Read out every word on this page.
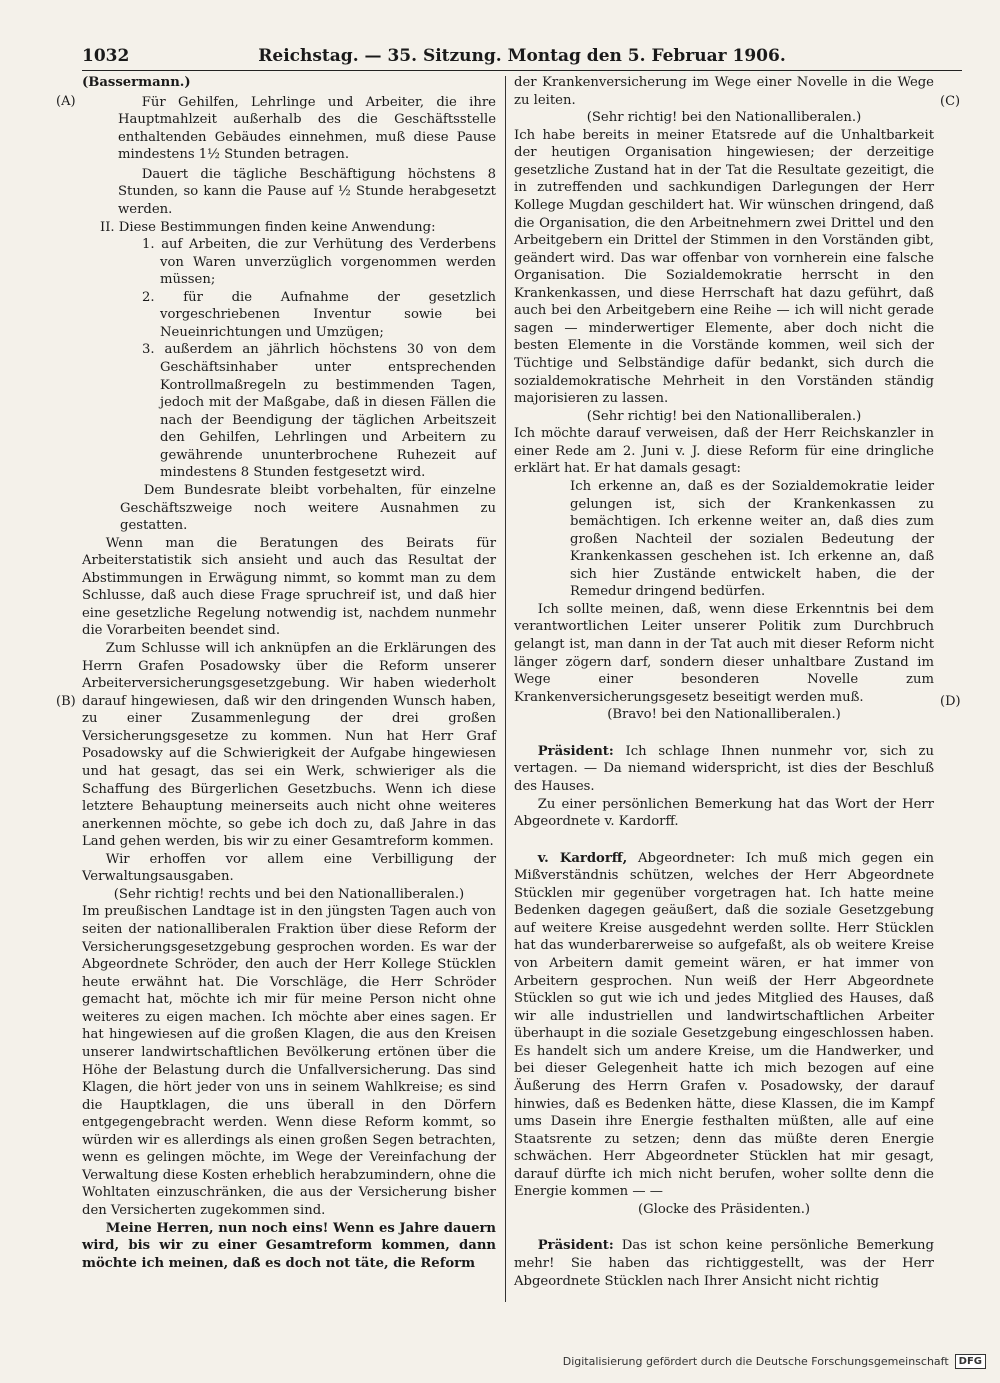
1032	Reichstag. — 35. Sitzung. Montag den 5. Februar 1906.
(A)
(B)
(C)
(D)

(Bassermann.)

Für Gehilfen, Lehrlinge und Arbeiter, die ihre Hauptmahlzeit außerhalb des die Geschäftsstelle enthaltenden Gebäudes einnehmen, muß diese Pause mindestens 1½ Stunden betragen.

Dauert die tägliche Beschäftigung höchstens 8 Stunden, so kann die Pause auf ½ Stunde herabgesetzt werden.

II. Diese Bestimmungen finden keine Anwendung:

1. auf Arbeiten, die zur Verhütung des Verderbens von Waren unverzüglich vorgenommen werden müssen;

2. für die Aufnahme der gesetzlich vorgeschriebenen Inventur sowie bei Neueinrichtungen und Umzügen;

3. außerdem an jährlich höchstens 30 von dem Geschäftsinhaber unter entsprechenden Kontrollmaßregeln zu bestimmenden Tagen, jedoch mit der Maßgabe, daß in diesen Fällen die nach der Beendigung der täglichen Arbeitszeit den Gehilfen, Lehrlingen und Arbeitern zu gewährende ununterbrochene Ruhezeit auf mindestens 8 Stunden festgesetzt wird.

Dem Bundesrate bleibt vorbehalten, für einzelne Geschäftszweige noch weitere Ausnahmen zu gestatten.

Wenn man die Beratungen des Beirats für Arbeiterstatistik sich ansieht und auch das Resultat der Abstimmungen in Erwägung nimmt, so kommt man zu dem Schlusse, daß auch diese Frage spruchreif ist, und daß hier eine gesetzliche Regelung notwendig ist, nachdem nunmehr die Vorarbeiten beendet sind.

Zum Schlusse will ich anknüpfen an die Erklärungen des Herrn Grafen Posadowsky über die Reform unserer Arbeiterversicherungsgesetzgebung. Wir haben wiederholt darauf hingewiesen, daß wir den dringenden Wunsch haben, zu einer Zusammenlegung der drei großen Versicherungsgesetze zu kommen. Nun hat Herr Graf Posadowsky auf die Schwierigkeit der Aufgabe hingewiesen und hat gesagt, das sei ein Werk, schwieriger als die Schaffung des Bürgerlichen Gesetzbuchs. Wenn ich diese letztere Behauptung meinerseits auch nicht ohne weiteres anerkennen möchte, so gebe ich doch zu, daß Jahre in das Land gehen werden, bis wir zu einer Gesamtreform kommen.

Wir erhoffen vor allem eine Verbilligung der Verwaltungsausgaben.

(Sehr richtig! rechts und bei den Nationalliberalen.)

Im preußischen Landtage ist in den jüngsten Tagen auch von seiten der nationalliberalen Fraktion über diese Reform der Versicherungsgesetzgebung gesprochen worden. Es war der Abgeordnete Schröder, den auch der Herr Kollege Stücklen heute erwähnt hat. Die Vorschläge, die Herr Schröder gemacht hat, möchte ich mir für meine Person nicht ohne weiteres zu eigen machen. Ich möchte aber eines sagen. Er hat hingewiesen auf die großen Klagen, die aus den Kreisen unserer landwirtschaftlichen Bevölkerung ertönen über die Höhe der Belastung durch die Unfallversicherung. Das sind Klagen, die hört jeder von uns in seinem Wahlkreise; es sind die Hauptklagen, die uns überall in den Dörfern entgegengebracht werden. Wenn diese Reform kommt, so würden wir es allerdings als einen großen Segen betrachten, wenn es gelingen möchte, im Wege der Vereinfachung der Verwaltung diese Kosten erheblich herabzumindern, ohne die Wohltaten einzuschränken, die aus der Versicherung bisher den Versicherten zugekommen sind.

Meine Herren, nun noch eins! Wenn es Jahre dauern wird, bis wir zu einer Gesamtreform kommen, dann möchte ich meinen, daß es doch not täte, die Reform

der Krankenversicherung im Wege einer Novelle in die Wege zu leiten.

(Sehr richtig! bei den Nationalliberalen.)

Ich habe bereits in meiner Etatsrede auf die Unhaltbarkeit der heutigen Organisation hingewiesen; der derzeitige gesetzliche Zustand hat in der Tat die Resultate gezeitigt, die in zutreffenden und sachkundigen Darlegungen der Herr Kollege Mugdan geschildert hat. Wir wünschen dringend, daß die Organisation, die den Arbeitnehmern zwei Drittel und den Arbeitgebern ein Drittel der Stimmen in den Vorständen gibt, geändert wird. Das war offenbar von vornherein eine falsche Organisation. Die Sozialdemokratie herrscht in den Krankenkassen, und diese Herrschaft hat dazu geführt, daß auch bei den Arbeitgebern eine Reihe — ich will nicht gerade sagen — minderwertiger Elemente, aber doch nicht die besten Elemente in die Vorstände kommen, weil sich der Tüchtige und Selbständige dafür bedankt, sich durch die sozialdemokratische Mehrheit in den Vorständen ständig majorisieren zu lassen.

(Sehr richtig! bei den Nationalliberalen.)

Ich möchte darauf verweisen, daß der Herr Reichskanzler in einer Rede am 2. Juni v. J. diese Reform für eine dringliche erklärt hat. Er hat damals gesagt:

Ich erkenne an, daß es der Sozialdemokratie leider gelungen ist, sich der Krankenkassen zu bemächtigen. Ich erkenne weiter an, daß dies zum großen Nachteil der sozialen Bedeutung der Krankenkassen geschehen ist. Ich erkenne an, daß sich hier Zustände entwickelt haben, die der Remedur dringend bedürfen.

Ich sollte meinen, daß, wenn diese Erkenntnis bei dem verantwortlichen Leiter unserer Politik zum Durchbruch gelangt ist, man dann in der Tat auch mit dieser Reform nicht länger zögern darf, sondern dieser unhaltbare Zustand im Wege einer besonderen Novelle zum Krankenversicherungsgesetz beseitigt werden muß.

(Bravo! bei den Nationalliberalen.)

Präsident: Ich schlage Ihnen nunmehr vor, sich zu vertagen. — Da niemand widerspricht, ist dies der Beschluß des Hauses.

Zu einer persönlichen Bemerkung hat das Wort der Herr Abgeordnete v. Kardorff.

v. Kardorff, Abgeordneter: Ich muß mich gegen ein Mißverständnis schützen, welches der Herr Abgeordnete Stücklen mir gegenüber vorgetragen hat. Ich hatte meine Bedenken dagegen geäußert, daß die soziale Gesetzgebung auf weitere Kreise ausgedehnt werden sollte. Herr Stücklen hat das wunderbarerweise so aufgefaßt, als ob weitere Kreise von Arbeitern damit gemeint wären, er hat immer von Arbeitern gesprochen. Nun weiß der Herr Abgeordnete Stücklen so gut wie ich und jedes Mitglied des Hauses, daß wir alle industriellen und landwirtschaftlichen Arbeiter überhaupt in die soziale Gesetzgebung eingeschlossen haben. Es handelt sich um andere Kreise, um die Handwerker, und bei dieser Gelegenheit hatte ich mich bezogen auf eine Äußerung des Herrn Grafen v. Posadowsky, der darauf hinwies, daß es Bedenken hätte, diese Klassen, die im Kampf ums Dasein ihre Energie festhalten müßten, alle auf eine Staatsrente zu setzen; denn das müßte deren Energie schwächen. Herr Abgeordneter Stücklen hat mir gesagt, darauf dürfte ich mich nicht berufen, woher sollte denn die Energie kommen — —

(Glocke des Präsidenten.)

Präsident: Das ist schon keine persönliche Bemerkung mehr! Sie haben das richtiggestellt, was der Herr Abgeordnete Stücklen nach Ihrer Ansicht nicht richtig

Digitalisierung gefördert durch die Deutsche Forschungsgemeinschaft	DFG
